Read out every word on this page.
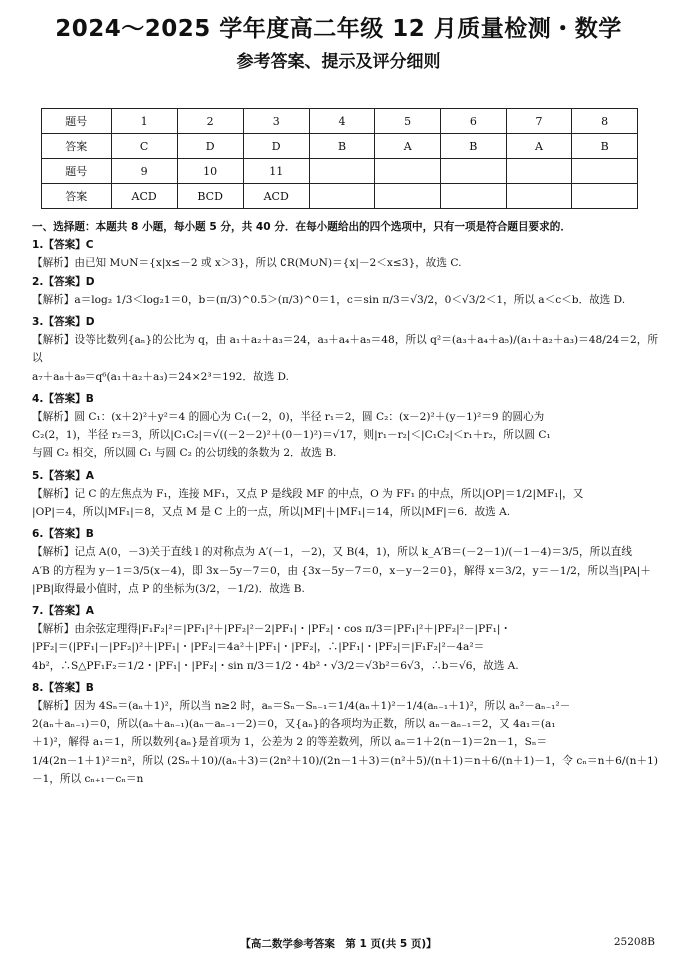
2024～2025 学年度高二年级 12 月质量检测・数学
参考答案、提示及评分细则
题号	1	2	3	4	5	6	7	8
答案	C	D	D	B	A	B	A	B
题号	9	10	11					
答案	ACD	BCD	ACD					

一、选择题：本题共 8 小题，每小题 5 分，共 40 分．在每小题给出的四个选项中，只有一项是符合题目要求的．

1.【答案】C

【解析】由已知 M∪N＝{x|x≤－2 或 x＞3}，所以 ∁R(M∪N)＝{x|－2＜x≤3}，故选 C.

2.【答案】D

【解析】a＝log₂ 1/3＜log₂1＝0，b＝(π/3)^0.5＞(π/3)^0＝1，c＝sin π/3＝√3/2，0＜√3/2＜1，所以 a＜c＜b．故选 D.

3.【答案】D

【解析】设等比数列{aₙ}的公比为 q，由 a₁＋a₂＋a₃＝24，a₃＋a₄＋a₅＝48，所以 q²＝(a₃＋a₄＋a₅)/(a₁＋a₂＋a₃)＝48/24＝2，所以

a₇＋a₈＋a₉＝q⁶(a₁＋a₂＋a₃)＝24×2³＝192．故选 D.

4.【答案】B

【解析】圆 C₁：(x＋2)²＋y²＝4 的圆心为 C₁(－2，0)，半径 r₁＝2，圆 C₂：(x－2)²＋(y－1)²＝9 的圆心为

C₂(2，1)，半径 r₂＝3，所以|C₁C₂|＝√((－2－2)²＋(0－1)²)＝√17，则|r₁－r₂|＜|C₁C₂|＜r₁＋r₂，所以圆 C₁

与圆 C₂ 相交，所以圆 C₁ 与圆 C₂ 的公切线的条数为 2．故选 B.

5.【答案】A

【解析】记 C 的左焦点为 F₁，连接 MF₁，又点 P 是线段 MF 的中点，O 为 FF₁ 的中点，所以|OP|＝1/2|MF₁|，又

|OP|＝4，所以|MF₁|＝8，又点 M 是 C 上的一点，所以|MF|＋|MF₁|＝14，所以|MF|＝6．故选 A.

6.【答案】B

【解析】记点 A(0，－3)关于直线 l 的对称点为 A′(－1，－2)，又 B(4，1)，所以 k_A′B＝(－2－1)/(－1－4)＝3/5，所以直线

A′B 的方程为 y－1＝3/5(x－4)，即 3x－5y－7＝0，由 {3x－5y－7＝0，x－y－2＝0}，解得 x＝3/2，y＝－1/2，所以当|PA|＋

|PB|取得最小值时，点 P 的坐标为(3/2，－1/2)．故选 B.

7.【答案】A

【解析】由余弦定理得|F₁F₂|²＝|PF₁|²＋|PF₂|²－2|PF₁|・|PF₂|・cos π/3＝|PF₁|²＋|PF₂|²－|PF₁|・

|PF₂|＝(|PF₁|－|PF₂|)²＋|PF₁|・|PF₂|＝4a²＋|PF₁|・|PF₂|，∴|PF₁|・|PF₂|＝|F₁F₂|²－4a²＝

4b²，∴S△PF₁F₂＝1/2・|PF₁|・|PF₂|・sin π/3＝1/2・4b²・√3/2＝√3b²＝6√3，∴b＝√6，故选 A.

8.【答案】B

【解析】因为 4Sₙ＝(aₙ＋1)²，所以当 n≥2 时，aₙ＝Sₙ－Sₙ₋₁＝1/4(aₙ＋1)²－1/4(aₙ₋₁＋1)²，所以 aₙ²－aₙ₋₁²－

2(aₙ＋aₙ₋₁)＝0，所以(aₙ＋aₙ₋₁)(aₙ－aₙ₋₁－2)＝0，又{aₙ}的各项均为正数，所以 aₙ－aₙ₋₁＝2，又 4a₁＝(a₁

＋1)²，解得 a₁＝1，所以数列{aₙ}是首项为 1，公差为 2 的等差数列，所以 aₙ＝1＋2(n－1)＝2n－1，Sₙ＝

1/4(2n－1＋1)²＝n²，所以 (2Sₙ＋10)/(aₙ＋3)＝(2n²＋10)/(2n－1＋3)＝(n²＋5)/(n＋1)＝n＋6/(n＋1)－1，令 cₙ＝n＋6/(n＋1)－1，所以 cₙ₊₁－cₙ＝n

【高二数学参考答案　第 1 页(共 5 页)】	25208B
